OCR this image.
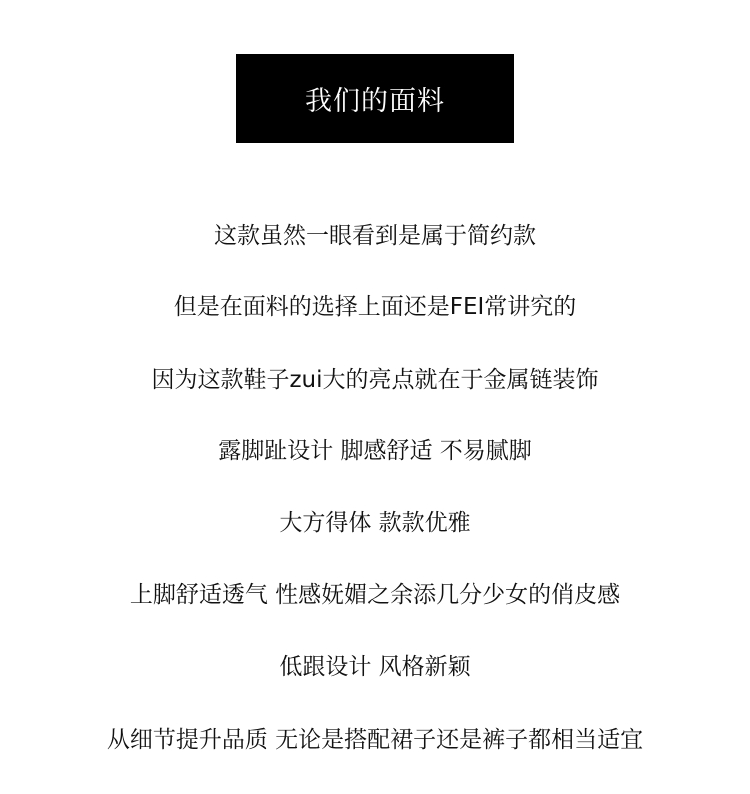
我们的面料
这款虽然一眼看到是属于简约款
但是在面料的选择上面还是FEI常讲究的
因为这款鞋子zui大的亮点就在于金属链装饰
露脚趾设计 脚感舒适 不易腻脚
大方得体 款款优雅
上脚舒适透气 性感妩媚之余添几分少女的俏皮感
低跟设计 风格新颖
从细节提升品质 无论是搭配裙子还是裤子都相当适宜
